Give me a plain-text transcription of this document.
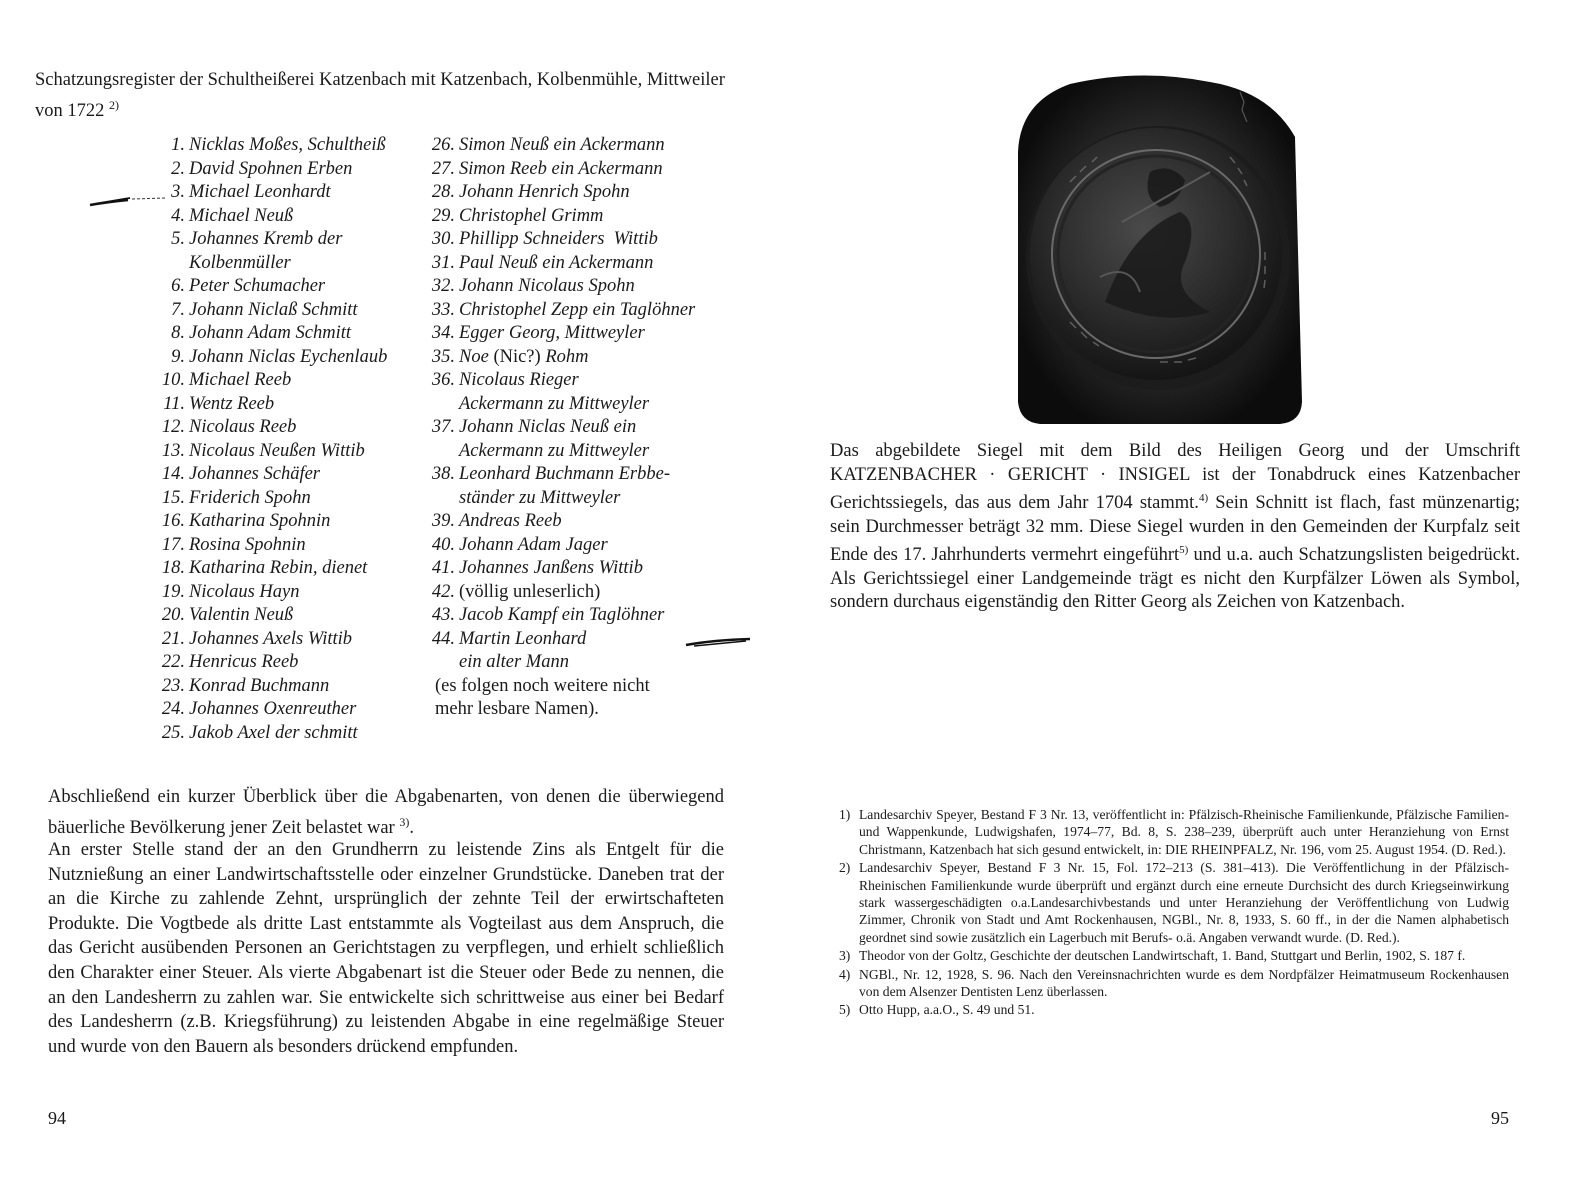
Schatzungsregister der Schultheißerei Katzenbach mit Katzenbach, Kolbenmühle, Mittweiler von 1722 $^{2)}$

1. Nicklas Moßes, Schultheiß
2. David Spohnen Erben
3. Michael Leonhardt
4. Michael Neuß
5. Johannes Kremb der
Kolbenmüller
6. Peter Schumacher
7. Johann Niclaß Schmitt
8. Johann Adam Schmitt
9. Johann Niclas Eychenlaub
10. Michael Reeb
11. Wentz Reeb
12. Nicolaus Reeb
13. Nicolaus Neußen Wittib
14. Johannes Schäfer
15. Friderich Spohn
16. Katharina Spohnin
17. Rosina Spohnin
18. Katharina Rebin, dienet
19. Nicolaus Hayn
20. Valentin Neuß
21. Johannes Axels Wittib
22. Henricus Reeb
23. Konrad Buchmann
24. Johannes Oxenreuther
25. Jakob Axel der schmitt
26. Simon Neuß ein Ackermann
27. Simon Reeb ein Ackermann
28. Johann Henrich Spohn
29. Christophel Grimm
30. Phillipp Schneiders  Wittib
31. Paul Neuß ein Ackermann
32. Johann Nicolaus Spohn
33. Christophel Zepp ein Taglöhner
34. Egger Georg, Mittweyler
35. Noe (Nic?) Rohm
36. Nicolaus Rieger
Ackermann zu Mittweyler
37. Johann Niclas Neuß ein
Ackermann zu Mittweyler
38. Leonhard Buchmann Erbbe-
ständer zu Mittweyler
39. Andreas Reeb
40. Johann Adam Jager
41. Johannes Janßens Wittib
42. (völlig unleserlich)
43. Jacob Kampf ein Taglöhner
44. Martin Leonhard
ein alter Mann
(es folgen noch weitere nicht
mehr lesbare Namen).

Abschließend ein kurzer Überblick über die Abgabenarten, von denen die überwiegend bäuerliche Bevölkerung jener Zeit belastet war $^{3)}$.

An erster Stelle stand der an den Grundherrn zu leistende Zins als Entgelt für die Nutznießung an einer Landwirtschaftsstelle oder einzelner Grundstücke. Daneben trat der an die Kirche zu zahlende Zehnt, ursprünglich der zehnte Teil der erwirtschafteten Produkte. Die Vogtbede als dritte Last entstammte als Vogteilast aus dem Anspruch, die das Gericht ausübenden Personen an Gerichtstagen zu verpflegen, und erhielt schließlich den Charakter einer Steuer. Als vierte Abgabenart ist die Steuer oder Bede zu nennen, die an den Landesherrn zu zahlen war. Sie entwickelte sich schrittweise aus einer bei Bedarf des Landesherrn (z.B. Kriegsführung) zu leistenden Abgabe in eine regelmäßige Steuer und wurde von den Bauern als besonders drückend empfunden.

94

Das abgebildete Siegel mit dem Bild des Heiligen Georg und der Umschrift KATZENBACHER · GERICHT · INSIGEL ist der Tonabdruck eines Katzenbacher Gerichtssiegels, das aus dem Jahr 1704 stammt.$^{4)}$ Sein Schnitt ist flach, fast münzenartig; sein Durchmesser beträgt 32 mm. Diese Siegel wurden in den Gemeinden der Kurpfalz seit Ende des 17. Jahrhunderts vermehrt eingeführt$^{5)}$ und u.a. auch Schatzungslisten beigedrückt. Als Gerichtssiegel einer Landgemeinde trägt es nicht den Kurpfälzer Löwen als Symbol, sondern durchaus eigenständig den Ritter Georg als Zeichen von Katzenbach.

1) Landesarchiv Speyer, Bestand F 3 Nr. 13, veröffentlicht in: Pfälzisch-Rheinische Familienkunde, Pfälzische Familien- und Wappenkunde, Ludwigshafen, 1974–77, Bd. 8, S. 238–239, überprüft auch unter Heranziehung von Ernst Christmann, Katzenbach hat sich gesund entwickelt, in: DIE RHEINPFALZ, Nr. 196, vom 25. August 1954. (D. Red.).
2) Landesarchiv Speyer, Bestand F 3 Nr. 15, Fol. 172–213 (S. 381–413). Die Veröffentlichung in der Pfälzisch-Rheinischen Familienkunde wurde überprüft und ergänzt durch eine erneute Durchsicht des durch Kriegseinwirkung stark wassergeschädigten o.a.Landesarchivbestands und unter Heranziehung der Veröffentlichung von Ludwig Zimmer, Chronik von Stadt und Amt Rockenhausen, NGBl., Nr. 8, 1933, S. 60 ff., in der die Namen alphabetisch geordnet sind sowie zusätzlich ein Lagerbuch mit Berufs- o.ä. Angaben verwandt wurde. (D. Red.).
3) Theodor von der Goltz, Geschichte der deutschen Landwirtschaft, 1. Band, Stuttgart und Berlin, 1902, S. 187 f.
4) NGBl., Nr. 12, 1928, S. 96. Nach den Vereinsnachrichten wurde es dem Nordpfälzer Heimatmuseum Rockenhausen von dem Alsenzer Dentisten Lenz überlassen.
5) Otto Hupp, a.a.O., S. 49 und 51.

95
